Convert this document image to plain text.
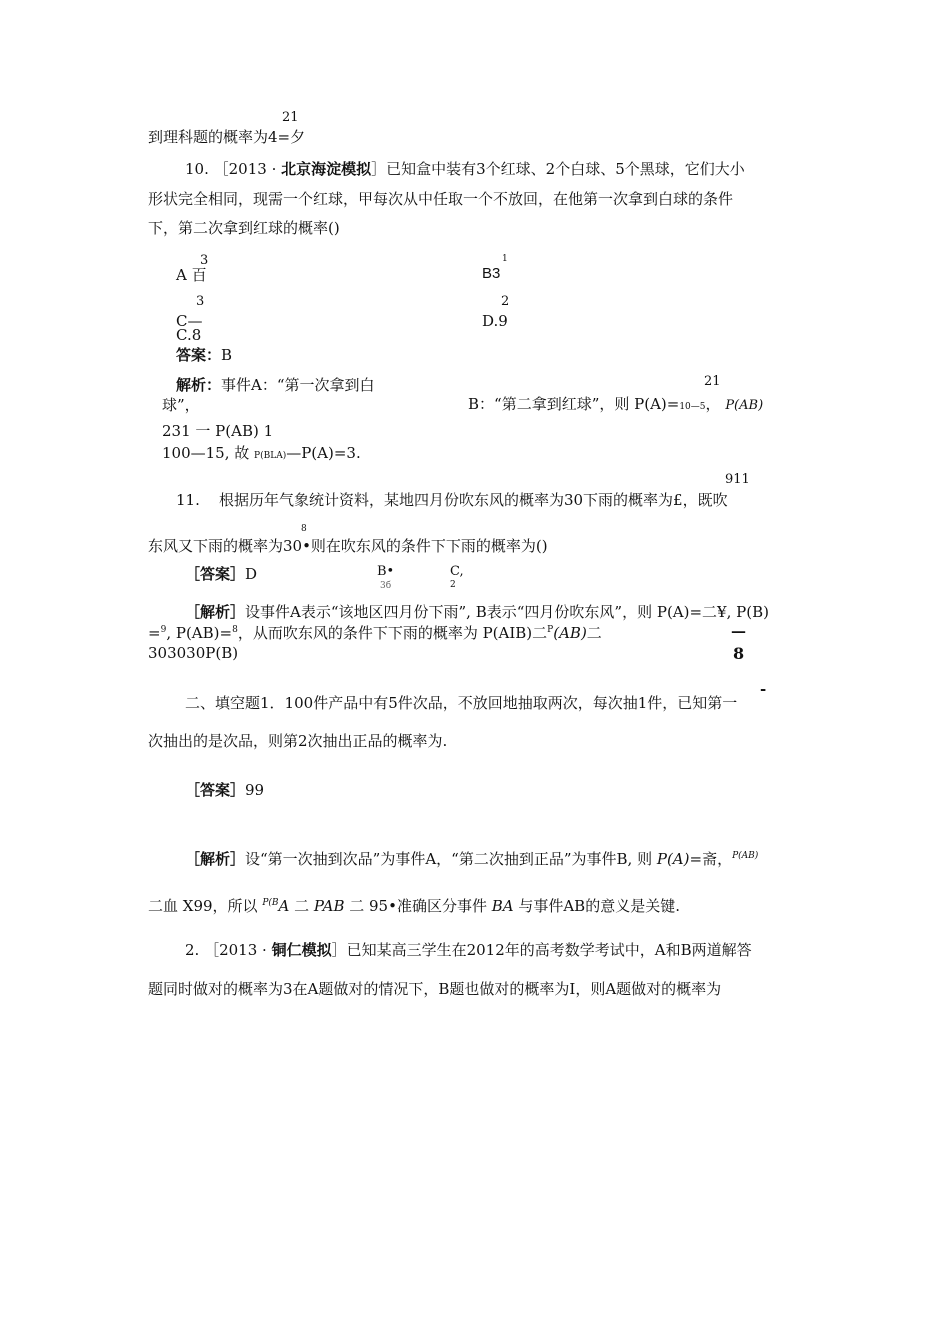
21
到理科题的概率为4=夕
10. ［2013 · 北京海淀模拟］已知盒中装有3个红球、2个白球、5个黑球，它们大小
形状完全相同，现需一个红球，甲每次从中任取一个不放回，在他第一次拿到白球的条件
下，第二次拿到红球的概率()
3
A 百	B3
1
3
C—
C.8
2
D.9
答案：B
解析：事件A：“第一次拿到白
球”，
21
B：“第二拿到红球”，则 P(A)=10—5， P(AB)
231 一 P(AB) 1
100—15, 故 P(BLA)—P(A)=3.
911
11. 根据历年气象统计资料，某地四月份吹东风的概率为30下雨的概率为£，既吹
8
东风又下雨的概率为30•则在吹东风的条件下下雨的概率为()
［答案］D	B•
3б
C,
2
［解析］设事件A表示“该地区四月份下雨”, B表示“四月份吹东风”，则 P(A)=二¥, P(B)
=$^9$, P(AB)=$^8$，从而吹东风的条件下下雨的概率为 P(AIB)二$^P$(AB)二
303030P(B)
—
8
-
二、填空题1．100件产品中有5件次品，不放回地抽取两次，每次抽1件，已知第一
次抽出的是次品，则第2次抽出正品的概率为.
［答案］99
［解析］设“第一次抽到次品”为事件A，“第二次抽到正品”为事件B, 则 P(A)=斋，$^{P(AB)}$
二血 X99，所以 $^{P(B}$A 二 PAB 二 95•准确区分事件 BA 与事件AB的意义是关键.
2. ［2013 · 铜仁模拟］已知某高三学生在2012年的高考数学考试中，A和B两道解答
题同时做对的概率为3在A题做对的情况下，B题也做对的概率为I，则A题做对的概率为
